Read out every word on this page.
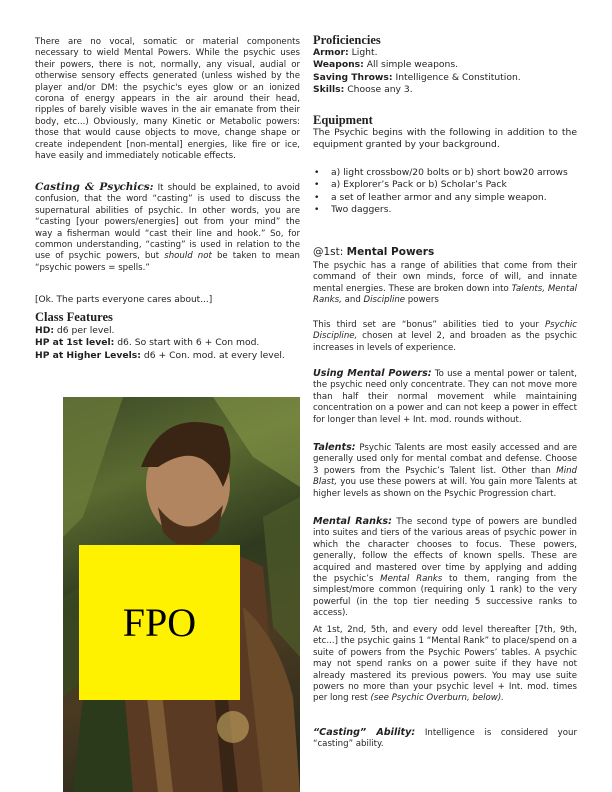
There are no vocal, somatic or material components necessary to wield Mental Powers. While the psychic uses their powers, there is not, normally, any visual, audial or otherwise sensory effects generated (unless wished by the player and/or DM: the psychic's eyes glow or an ionized corona of energy appears in the air around their head, ripples of barely visible waves in the air emanate from their body, etc...) Obviously, many Kinetic or Metabolic powers: those that would cause objects to move, change shape or create independent [non-mental] energies, like fire or ice, have easily and immediately noticable effects.

Casting & Psychics: It should be explained, to avoid confusion, that the word “casting” is used to discuss the supernatural abilities of psychic. In other words, you are “casting [your powers/energies] out from your mind” the way a fisherman would “cast their line and hook.” So, for common understanding, “casting” is used in relation to the use of psychic powers, but should not be taken to mean “psychic powers = spells.”

[Ok. The parts everyone cares about...]

Class Features

HD: d6 per level.

HP at 1st level: d6. So start with 6 + Con mod.

HP at Higher Levels: d6 + Con. mod. at every level.

FPO
Proficiencies

Armor: Light.

Weapons: All simple weapons.

Saving Throws: Intelligence & Constitution.

Skills: Choose any 3.

Equipment

The Psychic begins with the following in addition to the equipment granted by your background.

• a) light crossbow/20 bolts or b) short bow20 arrows
• a) Explorer’s Pack or b) Scholar’s Pack
• a set of leather armor and any simple weapon.
• Two daggers.

@1st: Mental Powers

The psychic has a range of abilities that come from their command of their own minds, force of will, and innate mental energies. These are broken down into Talents, Mental Ranks, and Discipline powers

This third set are “bonus” abilities tied to your Psychic Discipline, chosen at level 2, and broaden as the psychic increases in levels of experience.

Using Mental Powers: To use a mental power or talent, the psychic need only concentrate. They can not move more than half their normal movement while maintaining concentration on a power and can not keep a power in effect for longer than level + Int. mod. rounds without.

Talents: Psychic Talents are most easily accessed and are generally used only for mental combat and defense. Choose 3 powers from the Psychic’s Talent list. Other than Mind Blast, you use these powers at will. You gain more Talents at higher levels as shown on the Psychic Progression chart.

Mental Ranks: The second type of powers are bundled into suites and tiers of the various areas of psychic power in which the character chooses to focus. These powers, generally, follow the effects of known spells. These are acquired and mastered over time by applying and adding the psychic’s Mental Ranks to them, ranging from the simplest/more common (requiring only 1 rank) to the very powerful (in the top tier needing 5 successive ranks to access).

At 1st, 2nd, 5th, and every odd level thereafter [7th, 9th, etc...] the psychic gains 1 “Mental Rank” to place/spend on a suite of powers from the Psychic Powers’ tables. A psychic may not spend ranks on a power suite if they have not already mastered its previous powers. You may use suite powers no more than your psychic level + Int. mod. times per long rest (see Psychic Overburn, below).

“Casting” Ability: Intelligence is considered your “casting” ability.
